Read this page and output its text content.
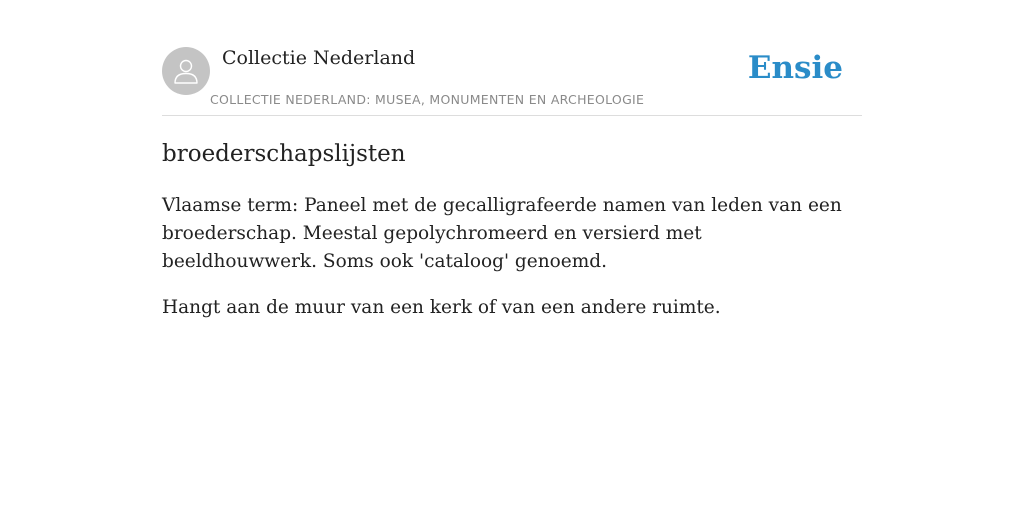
Collectie Nederland
COLLECTIE NEDERLAND: MUSEA, MONUMENTEN EN ARCHEOLOGIE
Ensie
broederschapslijsten

Vlaamse term: Paneel met de gecalligrafeerde namen van leden van een broederschap. Meestal gepolychromeerd en versierd met beeldhouwwerk. Soms ook 'cataloog' genoemd.

Hangt aan de muur van een kerk of van een andere ruimte.
